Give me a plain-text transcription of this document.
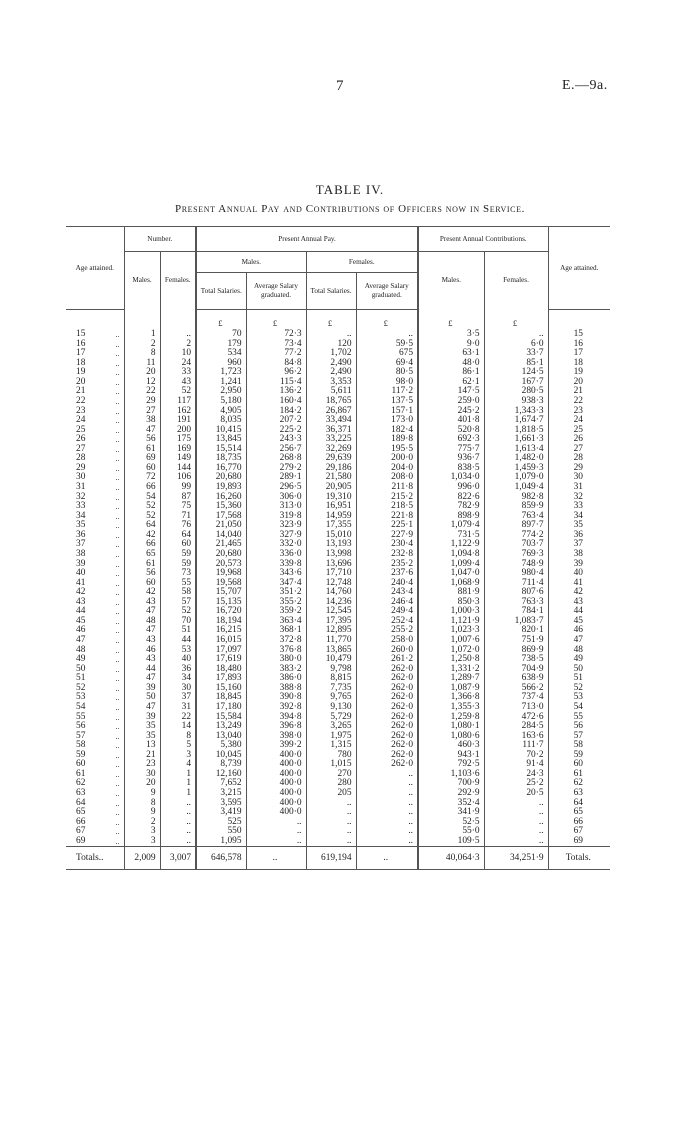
7	E.—9a.
TABLE IV.
Present Annual Pay and Contributions of Officers now in Service.
Age attained.	Number.		Present Annual Pay.				Present Annual Contributions.		Age attained.
	Males.	Females.	Males.		Females.		Males.	Females.	
			Total Salaries.	Average Salary graduated.	Total Salaries.	Average Salary graduated.			
			£	£	£	£	£	£	
15 ..	1	..	70	72·3	..	..	3·5	..	15
16 ..	2	2	179	73·4	120	59·5	9·0	6·0	16
17 ..	8	10	534	77·2	1,702	675	63·1	33·7	17
18 ..	11	24	960	84·8	2,490	69·4	48·0	85·1	18
19 ..	20	33	1,723	96·2	2,490	80·5	86·1	124·5	19
20 ..	12	43	1,241	115·4	3,353	98·0	62·1	167·7	20
21 ..	22	52	2,950	136·2	5,611	117·2	147·5	280·5	21
22 ..	29	117	5,180	160·4	18,765	137·5	259·0	938·3	22
23 ..	27	162	4,905	184·2	26,867	157·1	245·2	1,343·3	23
24 ..	38	191	8,035	207·2	33,494	173·0	401·8	1,674·7	24
25 ..	47	200	10,415	225·2	36,371	182·4	520·8	1,818·5	25
26 ..	56	175	13,845	243·3	33,225	189·8	692·3	1,661·3	26
27 ..	61	169	15,514	256·7	32,269	195·5	775·7	1,613·4	27
28 ..	69	149	18,735	268·8	29,639	200·0	936·7	1,482·0	28
29 ..	60	144	16,770	279·2	29,186	204·0	838·5	1,459·3	29
30 ..	72	106	20,680	289·1	21,580	208·0	1,034·0	1,079·0	30
31 ..	66	99	19,893	296·5	20,905	211·8	996·0	1,049·4	31
32 ..	54	87	16,260	306·0	19,310	215·2	822·6	982·8	32
33 ..	52	75	15,360	313·0	16,951	218·5	782·9	859·9	33
34 ..	52	71	17,568	319·8	14,959	221·8	898·9	763·4	34
35 ..	64	76	21,050	323·9	17,355	225·1	1,079·4	897·7	35
36 ..	42	64	14,040	327·9	15,010	227·9	731·5	774·2	36
37 ..	66	60	21,465	332·0	13,193	230·4	1,122·9	703·7	37
38 ..	65	59	20,680	336·0	13,998	232·8	1,094·8	769·3	38
39 ..	61	59	20,573	339·8	13,696	235·2	1,099·4	748·9	39
40 ..	56	73	19,968	343·6	17,710	237·6	1,047·0	980·4	40
41 ..	60	55	19,568	347·4	12,748	240·4	1,068·9	711·4	41
42 ..	42	58	15,707	351·2	14,760	243·4	881·9	807·6	42
43 ..	43	57	15,135	355·2	14,236	246·4	850·3	763·3	43
44 ..	47	52	16,720	359·2	12,545	249·4	1,000·3	784·1	44
45 ..	48	70	18,194	363·4	17,395	252·4	1,121·9	1,083·7	45
46 ..	47	51	16,215	368·1	12,895	255·2	1,023·3	820·1	46
47 ..	43	44	16,015	372·8	11,770	258·0	1,007·6	751·9	47
48 ..	46	53	17,097	376·8	13,865	260·0	1,072·0	869·9	48
49 ..	43	40	17,619	380·0	10,479	261·2	1,250·8	738·5	49
50 ..	44	36	18,480	383·2	9,798	262·0	1,331·2	704·9	50
51 ..	47	34	17,893	386·0	8,815	262·0	1,289·7	638·9	51
52 ..	39	30	15,160	388·8	7,735	262·0	1,087·9	566·2	52
53 ..	50	37	18,845	390·8	9,765	262·0	1,366·8	737·4	53
54 ..	47	31	17,180	392·8	9,130	262·0	1,355·3	713·0	54
55 ..	39	22	15,584	394·8	5,729	262·0	1,259·8	472·6	55
56 ..	35	14	13,249	396·8	3,265	262·0	1,080·1	284·5	56
57 ..	35	8	13,040	398·0	1,975	262·0	1,080·6	163·6	57
58 ..	13	5	5,380	399·2	1,315	262·0	460·3	111·7	58
59 ..	21	3	10,045	400·0	780	262·0	943·1	70·2	59
60 ..	23	4	8,739	400·0	1,015	262·0	792·5	91·4	60
61 ..	30	1	12,160	400·0	270	..	1,103·6	24·3	61
62 ..	20	1	7,652	400·0	280	..	700·9	25·2	62
63 ..	9	1	3,215	400·0	205	..	292·9	20·5	63
64 ..	8	..	3,595	400·0	..	..	352·4	..	64
65 ..	9	..	3,419	400·0	..	..	341·9	..	65
66 ..	2	..	525	..	..	..	52·5	..	66
67 ..	3	..	550	..	..	..	55·0	..	67
69 ..	3	..	1,095	..	..	..	109·5	..	69
Totals..	2,009	3,007	646,578	..	619,194	..	40,064·3	34,251·9	Totals.
